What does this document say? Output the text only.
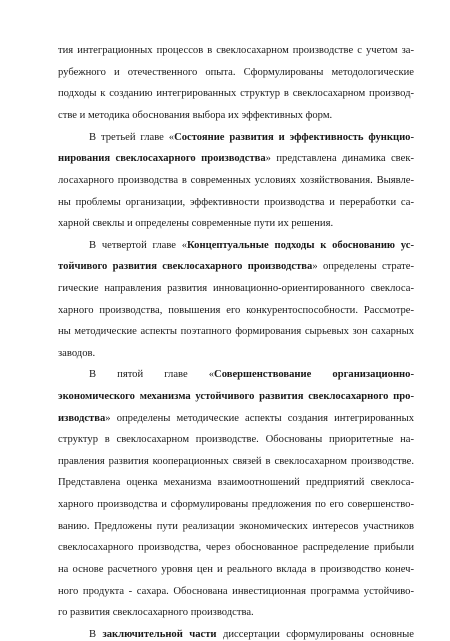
тия интеграционных процессов в свеклосахарном производстве с учетом за-
рубежного и отечественного опыта. Сформулированы методологические
подходы к созданию интегрированных структур в свеклосахарном производ-
стве и методика обоснования выбора их эффективных форм.
В третьей главе «Состояние развития и эффективность функцио-
нирования свеклосахарного производства» представлена динамика свек-
лосахарного производства в современных условиях хозяйствования. Выявле-
ны проблемы организации, эффективности производства и переработки са-
харной свеклы и определены современные пути их решения.
В четвертой главе «Концептуальные подходы к обоснованию ус-
тойчивого развития свеклосахарного производства» определены страте-
гические направления развития инновационно-ориентированного свеклоса-
харного производства, повышения его конкурентоспособности. Рассмотре-
ны методические аспекты поэтапного формирования сырьевых зон сахарных
заводов.
В пятой главе «Совершенствование организационно-
экономического механизма устойчивого развития свеклосахарного про-
изводства» определены методические аспекты создания интегрированных
структур в свеклосахарном производстве. Обоснованы приоритетные на-
правления развития кооперационных связей в свеклосахарном производстве.
Представлена оценка механизма взаимоотношений предприятий свеклоса-
харного производства и сформулированы предложения по его совершенство-
ванию. Предложены пути реализации экономических интересов участников
свеклосахарного производства, через обоснованное распределение прибыли
на основе расчетного уровня цен и реального вклада в производство конеч-
ного продукта - сахара. Обоснована инвестиционная программа устойчиво-
го развития свеклосахарного производства.
В заключительной части диссертации сформулированы основные
